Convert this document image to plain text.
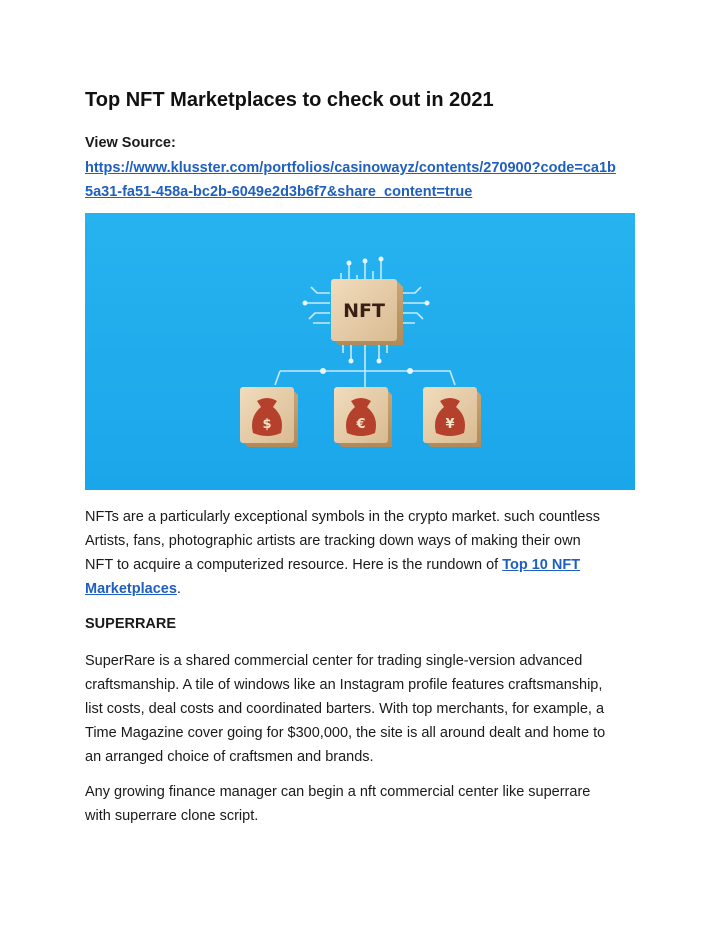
Top NFT Marketplaces to check out in 2021
View Source:
https://www.klusster.com/portfolios/casinowayz/contents/270900?code=ca1b
5a31-fa51-458a-bc2b-6049e2d3b6f7&share_content=true
NFT
$	€	¥
NFTs are a particularly exceptional symbols in the crypto market. such countless
Artists, fans, photographic artists are tracking down ways of making their own
NFT to acquire a computerized resource. Here is the rundown of Top 10 NFT
Marketplaces.
SUPERRARE
SuperRare is a shared commercial center for trading single-version advanced
craftsmanship. A tile of windows like an Instagram profile features craftsmanship,
list costs, deal costs and coordinated barters. With top merchants, for example, a
Time Magazine cover going for $300,000, the site is all around dealt and home to
an arranged choice of craftsmen and brands.
Any growing finance manager can begin a nft commercial center like superrare
with superrare clone script.
